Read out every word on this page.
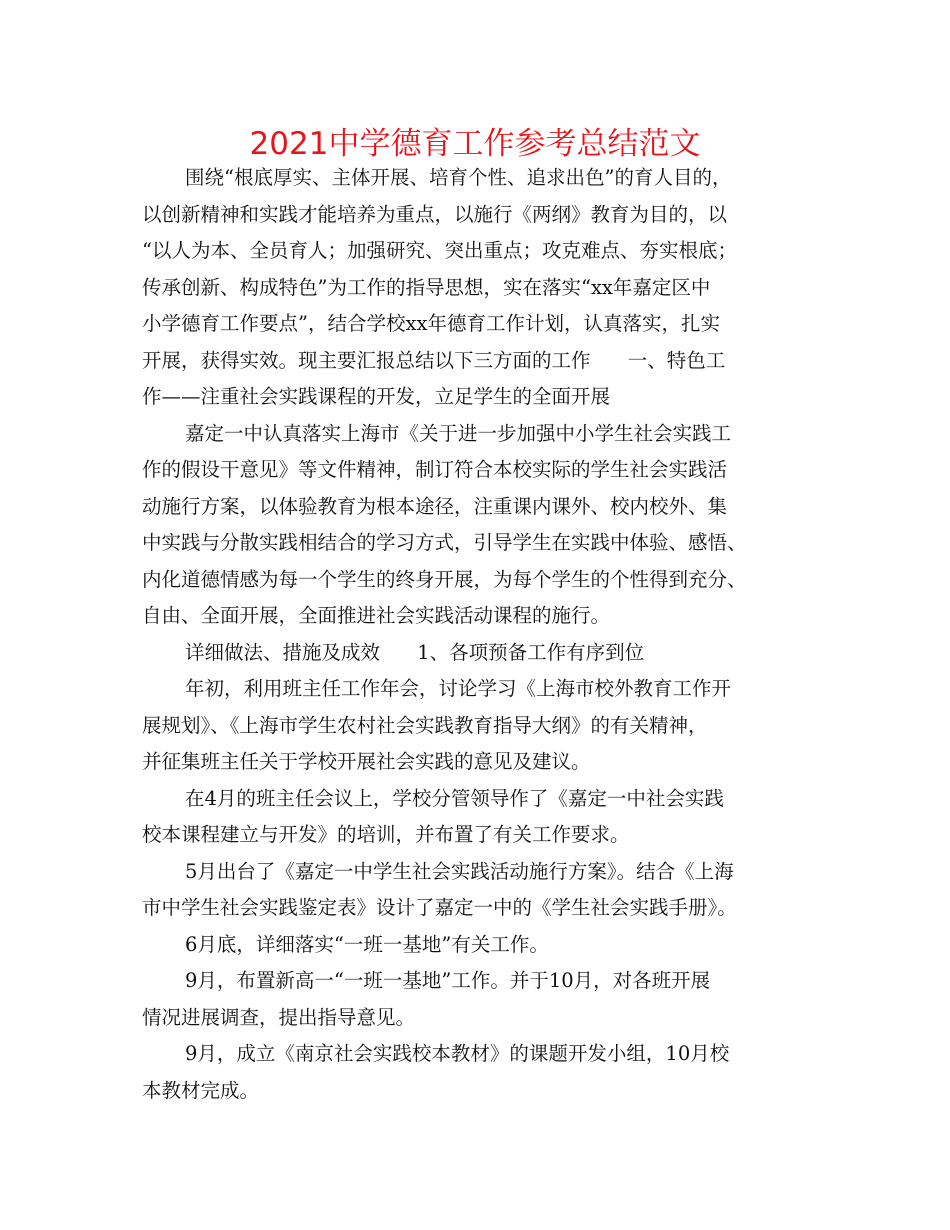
2021中学德育工作参考总结范文

围绕“根底厚实、主体开展、培育个性、追求出色”的育人目的，
以创新精神和实践才能培养为重点，以施行《两纲》教育为目的，以
“以人为本、全员育人；加强研究、突出重点；攻克难点、夯实根底；
传承创新、构成特色”为工作的指导思想，实在落实“xx年嘉定区中
小学德育工作要点”，结合学校xx年德育工作计划，认真落实，扎实
开展，获得实效。现主要汇报总结以下三方面的工作      一、特色工
作——注重社会实践课程的开发，立足学生的全面开展

嘉定一中认真落实上海市《关于进一步加强中小学生社会实践工
作的假设干意见》等文件精神，制订符合本校实际的学生社会实践活
动施行方案，以体验教育为根本途径，注重课内课外、校内校外、集
中实践与分散实践相结合的学习方式，引导学生在实践中体验、感悟、
内化道德情感为每一个学生的终身开展，为每个学生的个性得到充分、
自由、全面开展，全面推进社会实践活动课程的施行。

详细做法、措施及成效      1、各项预备工作有序到位

年初，利用班主任工作年会，讨论学习《上海市校外教育工作开
展规划》、《上海市学生农村社会实践教育指导大纲》的有关精神，
并征集班主任关于学校开展社会实践的意见及建议。

在4月的班主任会议上，学校分管领导作了《嘉定一中社会实践
校本课程建立与开发》的培训，并布置了有关工作要求。

5月出台了《嘉定一中学生社会实践活动施行方案》。结合《上海
市中学生社会实践鉴定表》设计了嘉定一中的《学生社会实践手册》。

6月底，详细落实“一班一基地”有关工作。

9月，布置新高一“一班一基地”工作。并于10月，对各班开展
情况进展调查，提出指导意见。

9月，成立《南京社会实践校本教材》的课题开发小组，10月校
本教材完成。
